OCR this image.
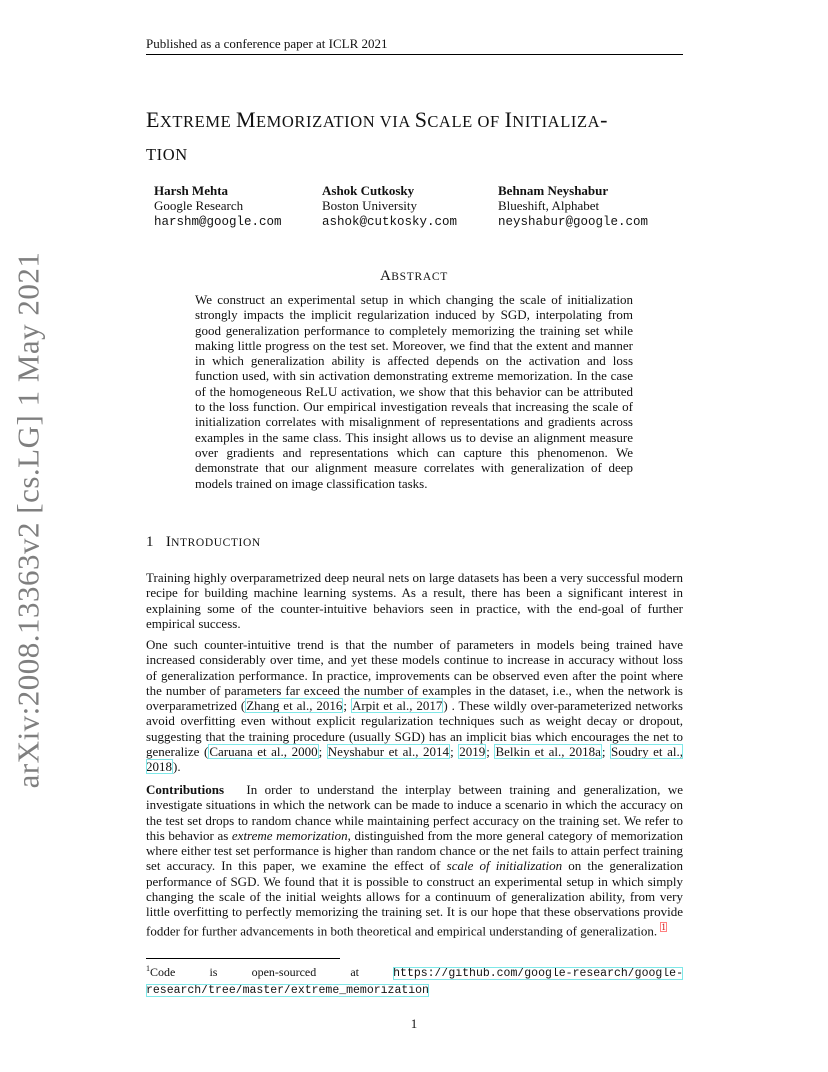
Published as a conference paper at ICLR 2021
arXiv:2008.13363v2 [cs.LG] 1 May 2021
EXTREME MEMORIZATION VIA SCALE OF INITIALIZA-
TION
Harsh Mehta
Google Research
harshm@google.com
Ashok Cutkosky
Boston University
ashok@cutkosky.com
Behnam Neyshabur
Blueshift, Alphabet
neyshabur@google.com
ABSTRACT

We construct an experimental setup in which changing the scale of initialization strongly impacts the implicit regularization induced by SGD, interpolating from good generalization performance to completely memorizing the training set while making little progress on the test set. Moreover, we find that the extent and manner in which generalization ability is affected depends on the activation and loss function used, with sin activation demonstrating extreme memorization. In the case of the homogeneous ReLU activation, we show that this behavior can be attributed to the loss function. Our empirical investigation reveals that increasing the scale of initialization correlates with misalignment of representations and gradients across examples in the same class. This insight allows us to devise an alignment measure over gradients and representations which can capture this phenomenon. We demonstrate that our alignment measure correlates with generalization of deep models trained on image classification tasks.

1 INTRODUCTION

Training highly overparametrized deep neural nets on large datasets has been a very successful modern recipe for building machine learning systems. As a result, there has been a significant interest in explaining some of the counter-intuitive behaviors seen in practice, with the end-goal of further empirical success.

One such counter-intuitive trend is that the number of parameters in models being trained have increased considerably over time, and yet these models continue to increase in accuracy without loss of generalization performance. In practice, improvements can be observed even after the point where the number of parameters far exceed the number of examples in the dataset, i.e., when the network is overparametrized (Zhang et al., 2016; Arpit et al., 2017) . These wildly over-parameterized networks avoid overfitting even without explicit regularization techniques such as weight decay or dropout, suggesting that the training procedure (usually SGD) has an implicit bias which encourages the net to generalize (Caruana et al., 2000; Neyshabur et al., 2014; 2019; Belkin et al., 2018a; Soudry et al., 2018).

Contributions   In order to understand the interplay between training and generalization, we investigate situations in which the network can be made to induce a scenario in which the accuracy on the test set drops to random chance while maintaining perfect accuracy on the training set. We refer to this behavior as extreme memorization, distinguished from the more general category of memorization where either test set performance is higher than random chance or the net fails to attain perfect training set accuracy. In this paper, we examine the effect of scale of initialization on the generalization performance of SGD. We found that it is possible to construct an experimental setup in which simply changing the scale of the initial weights allows for a continuum of generalization ability, from very little overfitting to perfectly memorizing the training set. It is our hope that these observations provide fodder for further advancements in both theoretical and empirical understanding of generalization. $^1$

$^1$Code is open-sourced at https://github.com/google-research/google-research/tree/master/extreme_memorization

1
